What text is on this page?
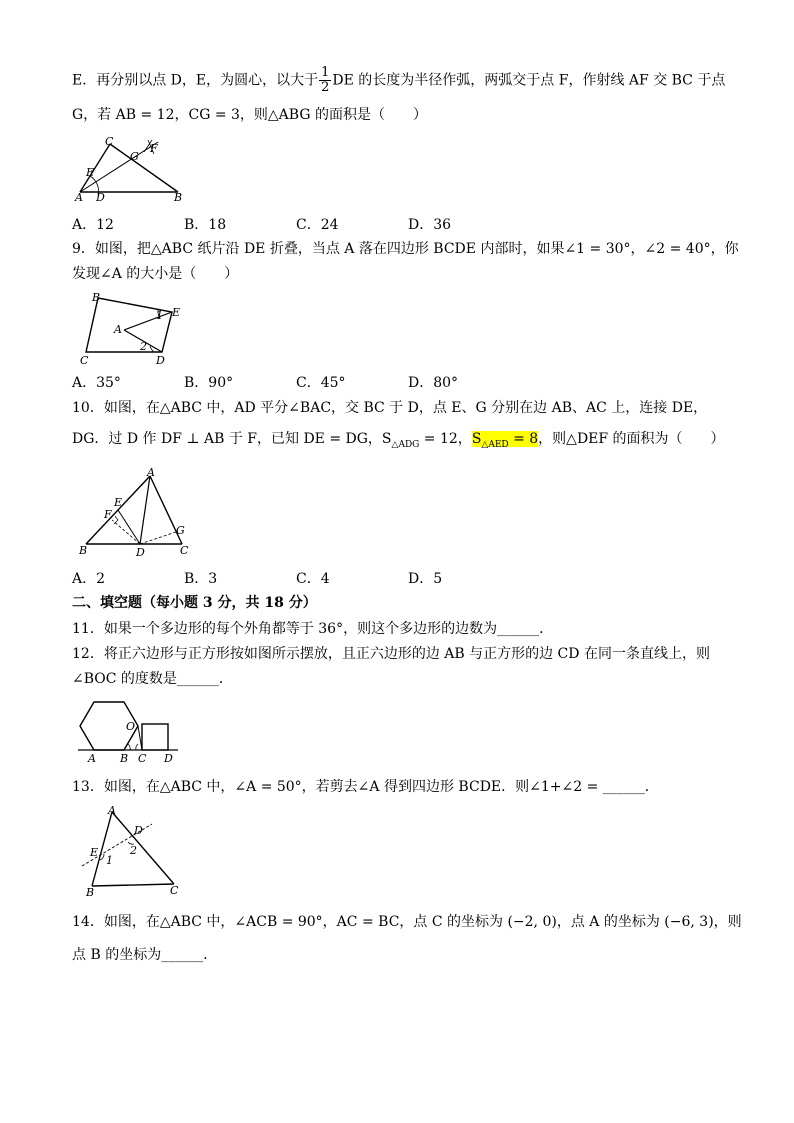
E．再分别以点 D，E，为圆心，以大于 $\frac{1}{2}$ DE 的长度为半径作弧，两弧交于点 F，作射线 AF 交 BC 于点
G，若 AB = 12，CG = 3，则△ABG 的面积是（　　）
C
G
F
E
A D	B
A．12	B．18	C．24	D．36
9．如图，把△ABC 纸片沿 DE 折叠，当点 A 落在四边形 BCDE 内部时，如果∠1 = 30°，∠2 = 40°，你
发现∠A 的大小是（　　）
B
E
A
1
2
C	D
A．35°	B．90°	C．45°	D．80°
10．如图，在△ABC 中，AD 平分∠BAC，交 BC 于 D，点 E、G 分别在边 AB、AC 上，连接 DE，
DG．过 D 作 DF ⊥ AB 于 F，已知 DE = DG，$S_{\triangle ADG} = 12$，$S_{\triangle AED} = 8$，则△DEF 的面积为（　　）
A
E
F
G
B	D	C
A．2	B．3	C．4	D．5
二、填空题（每小题 3 分，共 18 分）
11．如果一个多边形的每个外角都等于 36°，则这个多边形的边数为______．
12．将正六边形与正方形按如图所示摆放，且正六边形的边 AB 与正方形的边 CD 在同一条直线上，则
∠BOC 的度数是______．
O
A B C D
13．如图，在△ABC 中，∠A = 50°，若剪去∠A 得到四边形 BCDE．则∠1+∠2 = ______．
A
D
E
1
2
B	C
14．如图，在△ABC 中，∠ACB = 90°，AC = BC，点 C 的坐标为 (−2, 0)，点 A 的坐标为 (−6, 3)，则
点 B 的坐标为______．
